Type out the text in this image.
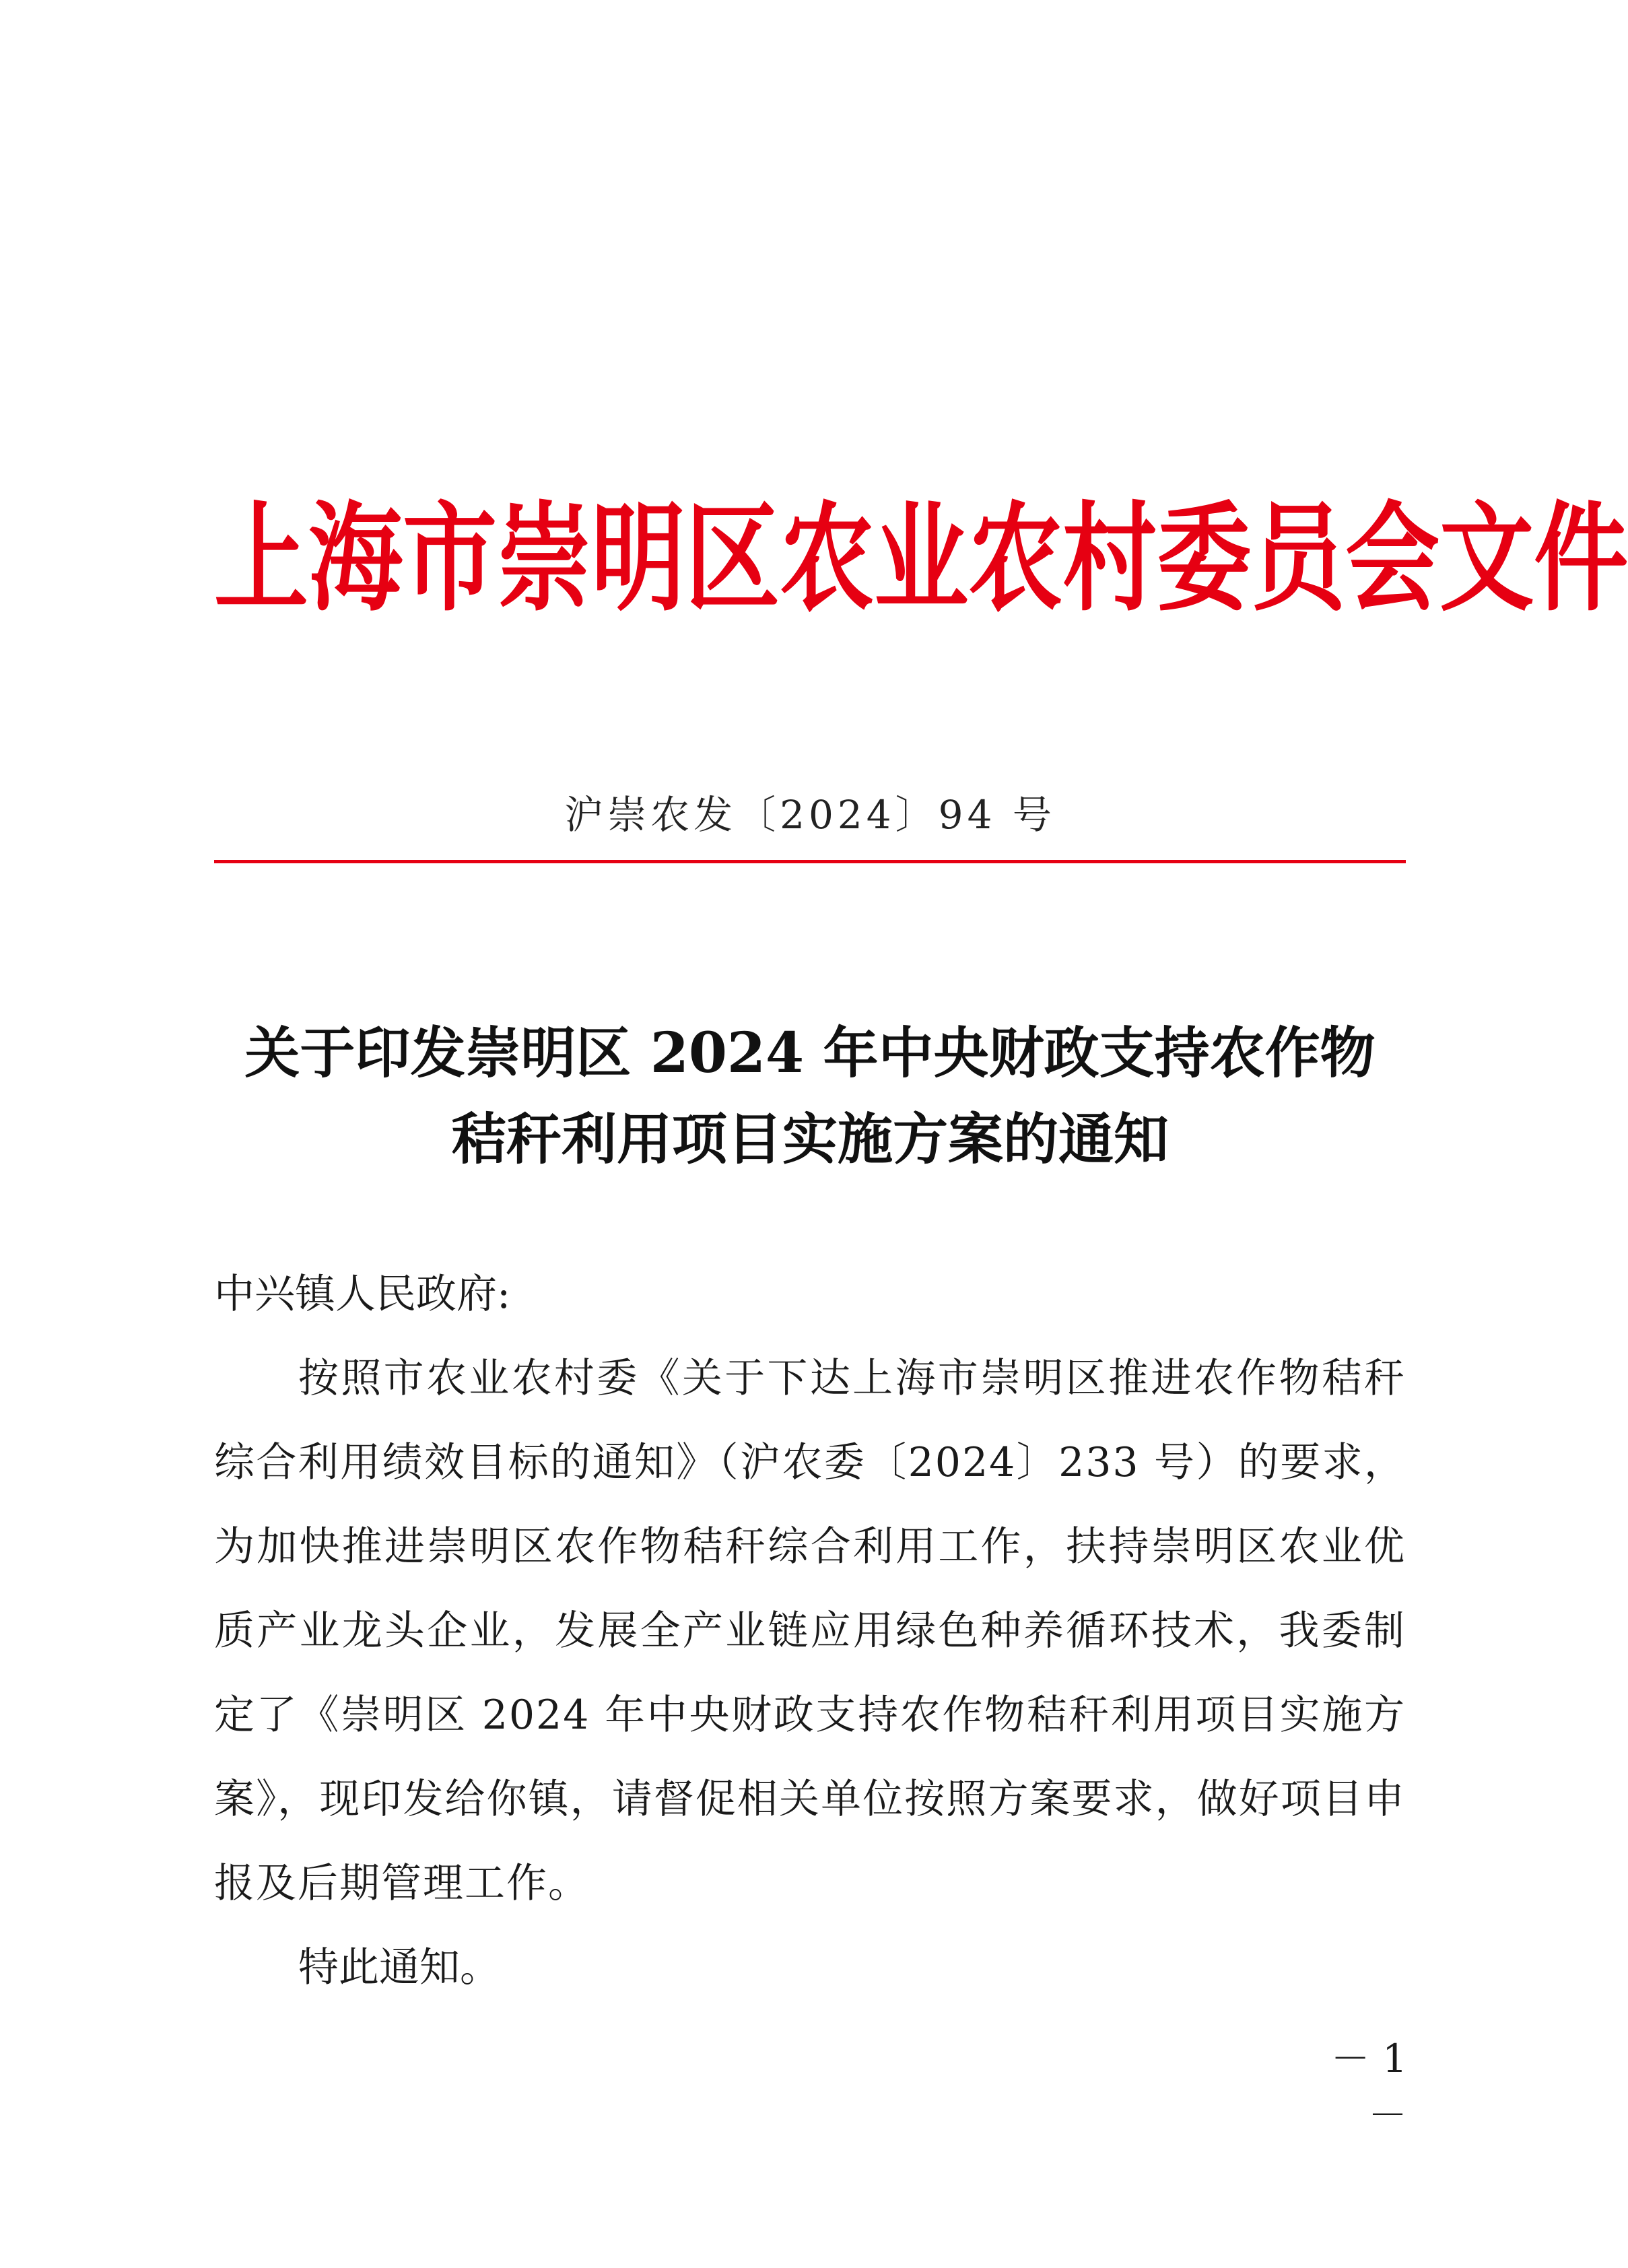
上 海 市 崇 明 区 农 业 农 村 委 员 会 文 件
沪崇农发〔2024〕94 号
关于印发崇明区 2024 年中央财政支持农作物
秸秆利用项目实施方案的通知

中兴镇人民政府:

按照市农业农村委《关于下达上海市崇明区推进农作物秸秆综合利用绩效目标的通知》（沪农委〔2024〕233 号）的要求，为加快推进崇明区农作物秸秆综合利用工作，扶持崇明区农业优质产业龙头企业，发展全产业链应用绿色种养循环技术，我委制定了《崇明区 2024 年中央财政支持农作物秸秆利用项目实施方案》，现印发给你镇，请督促相关单位按照方案要求，做好项目申报及后期管理工作。

特此通知。

－ 1 －
